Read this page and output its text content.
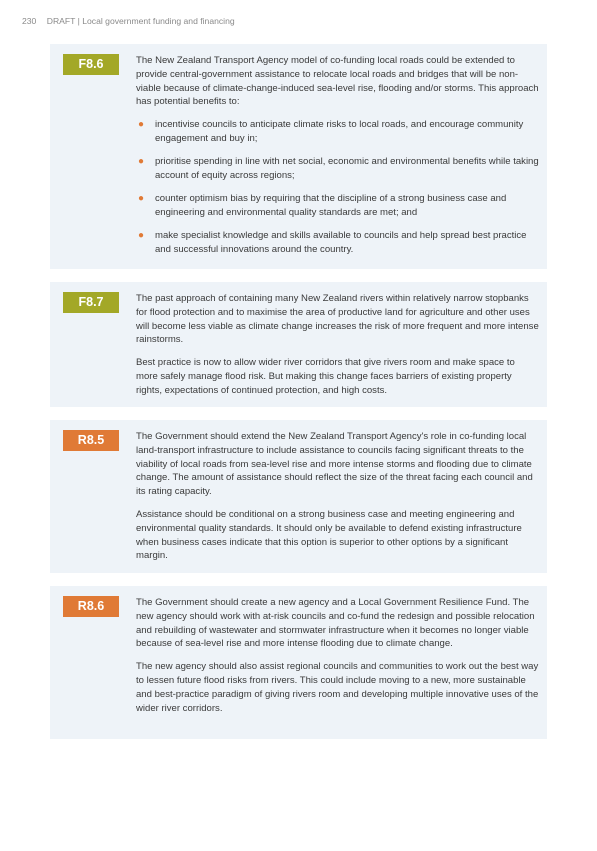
230 DRAFT | Local government funding and financing
F8.6	The New Zealand Transport Agency model of co-funding local roads could be extended to provide central-government assistance to relocate local roads and bridges that will be non-viable because of climate-change-induced sea-level rise, flooding and/or storms. This approach has potential benefits to:

● incentivise councils to anticipate climate risks to local roads, and encourage community engagement and buy in;
● prioritise spending in line with net social, economic and environmental benefits while taking account of equity across regions;
● counter optimism bias by requiring that the discipline of a strong business case and engineering and environmental quality standards are met; and
● make specialist knowledge and skills available to councils and help spread best practice and successful innovations around the country.
F8.7	The past approach of containing many New Zealand rivers within relatively narrow stopbanks for flood protection and to maximise the area of productive land for agriculture and other uses will become less viable as climate change increases the risk of more frequent and more intense rainstorms.

Best practice is now to allow wider river corridors that give rivers room and make space to more safely manage flood risk. But making this change faces barriers of existing property rights, expectations of continued protection, and high costs.

R8.5	The Government should extend the New Zealand Transport Agency's role in co-funding local land-transport infrastructure to include assistance to councils facing significant threats to the viability of local roads from sea-level rise and more intense storms and flooding due to climate change. The amount of assistance should reflect the size of the threat facing each council and its rating capacity.

Assistance should be conditional on a strong business case and meeting engineering and environmental quality standards. It should only be available to defend existing infrastructure when business cases indicate that this option is superior to other options by a significant margin.

R8.6	The Government should create a new agency and a Local Government Resilience Fund. The new agency should work with at-risk councils and co-fund the redesign and possible relocation and rebuilding of wastewater and stormwater infrastructure when it becomes no longer viable because of sea-level rise and more intense flooding due to climate change.

The new agency should also assist regional councils and communities to work out the best way to lessen future flood risks from rivers. This could include moving to a new, more sustainable and best-practice paradigm of giving rivers room and developing multiple innovative uses of the wider river corridors.
